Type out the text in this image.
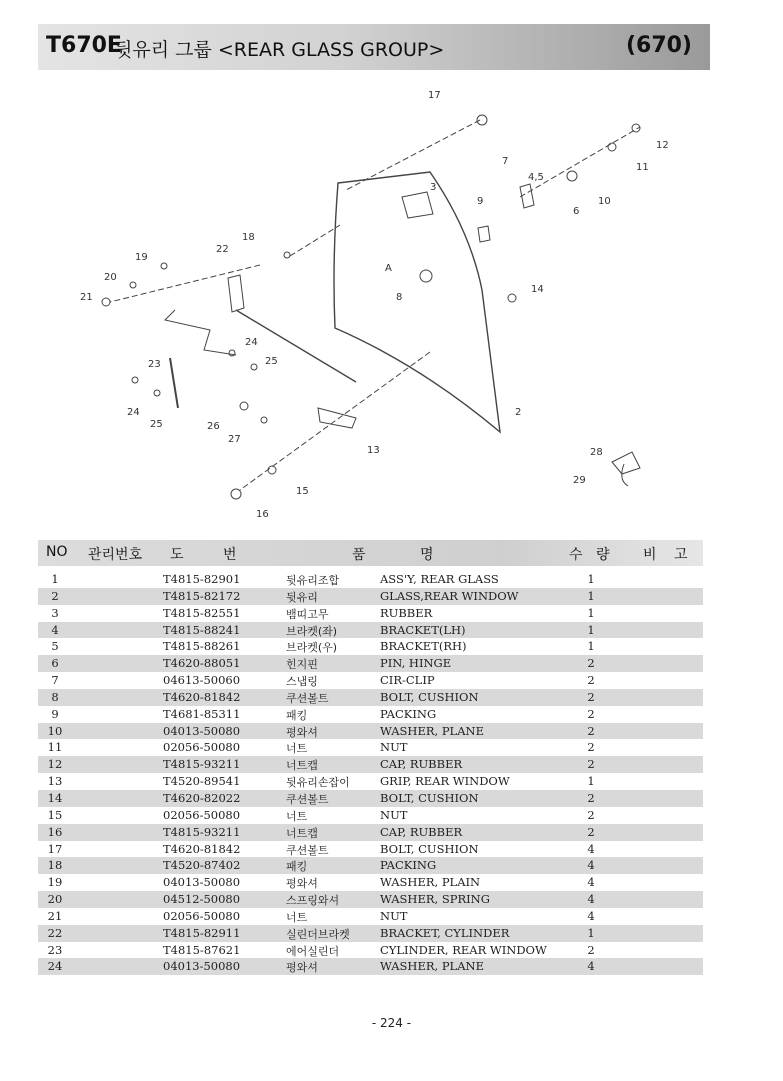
T670E
뒷유리 그룹 <REAR GLASS GROUP>	(670)
17
12
11
7
4,5
10
6
3
9
18
22
19
20
21
A
8
14
24
25
23
24
25	26
27
2
13	28
29
15
16
NO 관리번호 도	번	품	명	수 량 비 고
1	T4815-82901	뒷유리조합	ASS'Y, REAR GLASS	1
2	T4815-82172	뒷유리	GLASS,REAR WINDOW	1
3	T4815-82551	뱀띠고무	RUBBER	1
4	T4815-88241	브라켓(좌)	BRACKET(LH)	1
5	T4815-88261	브라켓(우)	BRACKET(RH)	1
6	T4620-88051	힌지핀	PIN, HINGE	2
7	04613-50060	스냅링	CIR-CLIP	2
8	T4620-81842	쿠션볼트	BOLT, CUSHION	2
9	T4681-85311	패킹	PACKING	2
10	04013-50080	평와셔	WASHER, PLANE	2
11	02056-50080	너트	NUT	2
12	T4815-93211	너트캡	CAP, RUBBER	2
13	T4520-89541	뒷유리손잡이	GRIP, REAR WINDOW	1
14	T4620-82022	쿠션볼트	BOLT, CUSHION	2
15	02056-50080	너트	NUT	2
16	T4815-93211	너트캡	CAP, RUBBER	2
17	T4620-81842	쿠션볼트	BOLT, CUSHION	4
18	T4520-87402	패킹	PACKING	4
19	04013-50080	평와셔	WASHER, PLAIN	4
20	04512-50080	스프링와셔	WASHER, SPRING	4
21	02056-50080	너트	NUT	4
22	T4815-82911	실린더브라켓	BRACKET, CYLINDER	1
23	T4815-87621	에어실린더	CYLINDER, REAR WINDOW	2
24	04013-50080	평와셔	WASHER, PLANE	4
- 224 -
